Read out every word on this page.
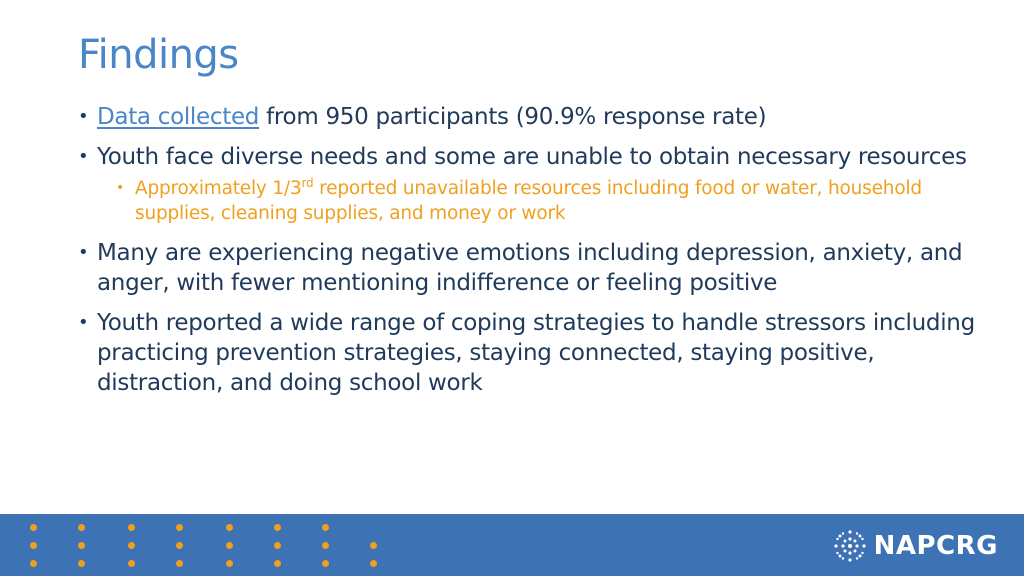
Findings
• Data collected from 950 participants (90.9% response rate)
• Youth face diverse needs and some are unable to obtain necessary resources
• Approximately 1/3rd reported unavailable resources including food or water, household supplies, cleaning supplies, and money or work
• Many are experiencing negative emotions including depression, anxiety, and anger, with fewer mentioning indifference or feeling positive
• Youth reported a wide range of coping strategies to handle stressors including practicing prevention strategies, staying connected, staying positive, distraction, and doing school work
NAPCRG
